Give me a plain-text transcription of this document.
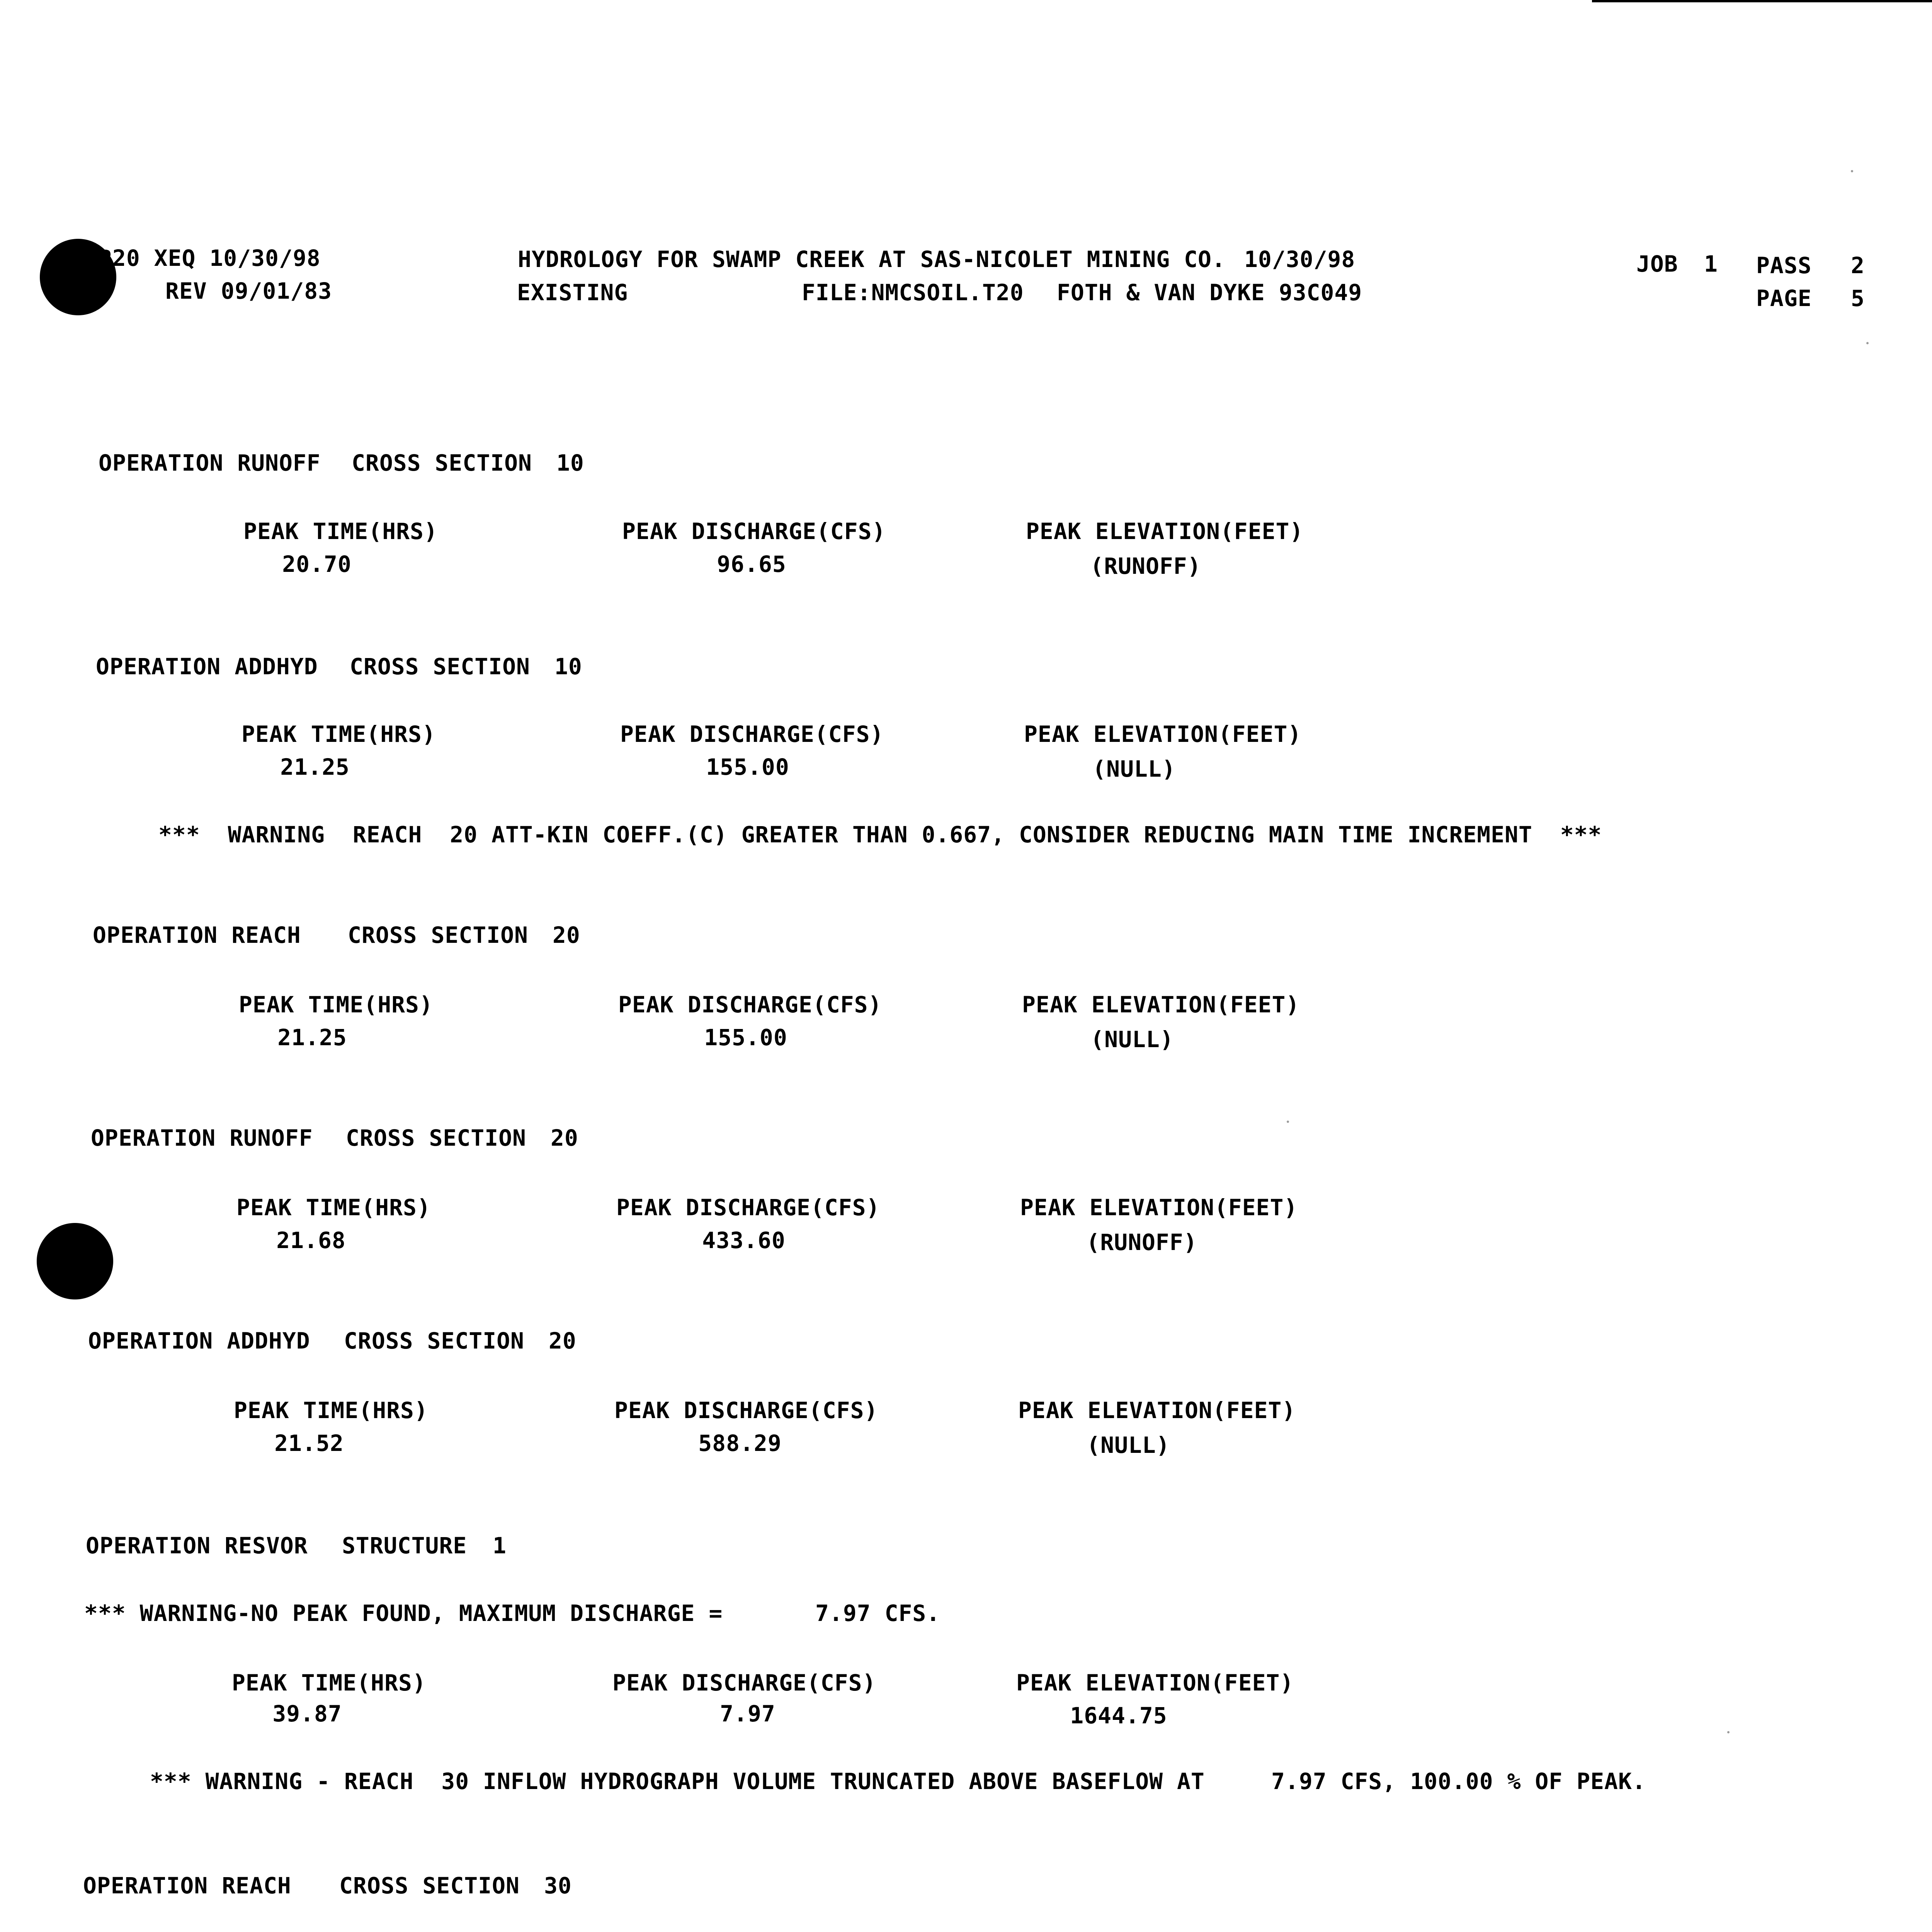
R20 XEQ 10/30/98
REV 09/01/83
HYDROLOGY FOR SWAMP CREEK AT SAS-NICOLET MINING CO. 10/30/98
EXISTING	FILE:NMCSOIL.T20 FOTH & VAN DYKE 93C049
JOB 1 PASS 2
PAGE 5
OPERATION RUNOFF CROSS SECTION 10
PEAK TIME(HRS)	PEAK DISCHARGE(CFS)	PEAK ELEVATION(FEET)
20.70	96.65	(RUNOFF)
OPERATION ADDHYD CROSS SECTION 10
PEAK TIME(HRS)	PEAK DISCHARGE(CFS)	PEAK ELEVATION(FEET)
21.25	155.00	(NULL)
***  WARNING  REACH  20 ATT-KIN COEFF.(C) GREATER THAN 0.667, CONSIDER REDUCING MAIN TIME INCREMENT  ***
OPERATION REACH CROSS SECTION 20
PEAK TIME(HRS)	PEAK DISCHARGE(CFS)	PEAK ELEVATION(FEET)
21.25	155.00	(NULL)
OPERATION RUNOFF CROSS SECTION 20
PEAK TIME(HRS)	PEAK DISCHARGE(CFS)	PEAK ELEVATION(FEET)
21.68	433.60	(RUNOFF)
OPERATION ADDHYD CROSS SECTION 20
PEAK TIME(HRS)	PEAK DISCHARGE(CFS)	PEAK ELEVATION(FEET)
21.52	588.29	(NULL)
OPERATION RESVOR STRUCTURE 1
*** WARNING-NO PEAK FOUND, MAXIMUM DISCHARGE =	7.97 CFS.
PEAK TIME(HRS)	PEAK DISCHARGE(CFS)	PEAK ELEVATION(FEET)
39.87	7.97	1644.75
*** WARNING - REACH  30 INFLOW HYDROGRAPH VOLUME TRUNCATED ABOVE BASEFLOW AT	7.97 CFS, 100.00 % OF PEAK.
OPERATION REACH CROSS SECTION 30
